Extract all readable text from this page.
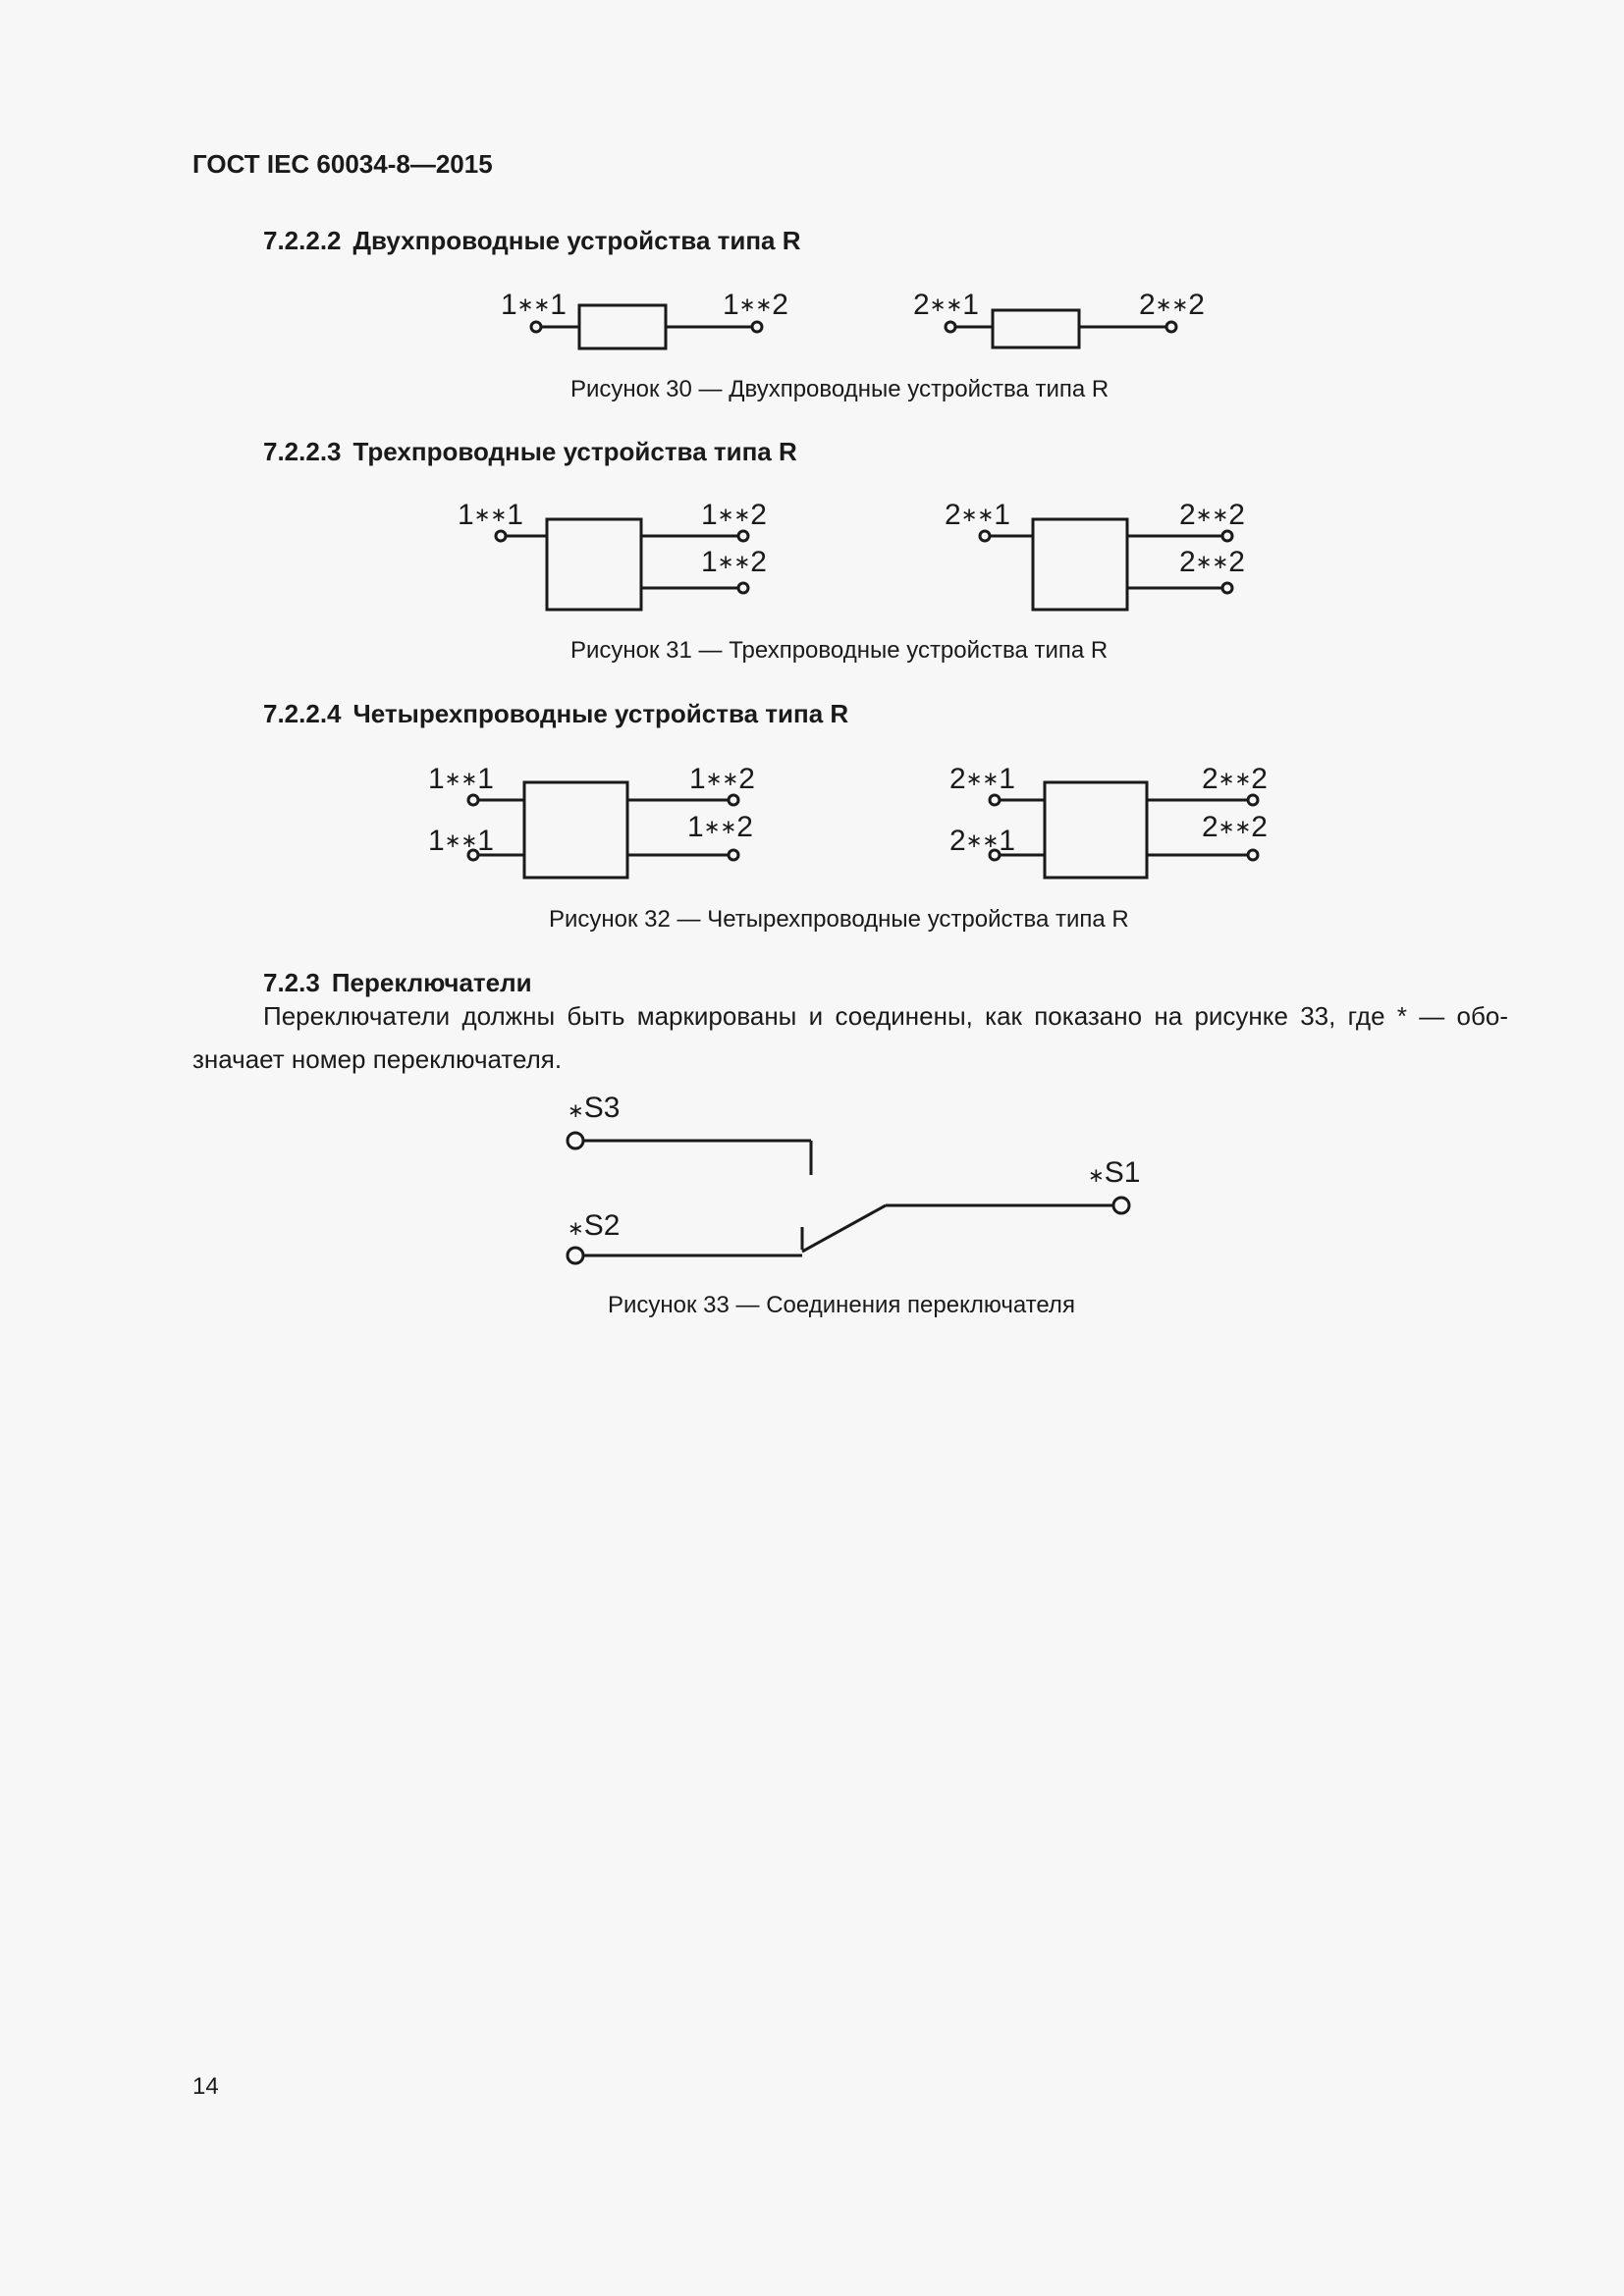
ГОСТ IEC 60034-8—2015
7.2.2.2 Двухпроводные устройства типа R
1∗∗1	1∗∗2	2∗∗1	2∗∗2
1∗∗1	1∗∗2
1∗∗2
2∗∗1	2∗∗2
2∗∗2
1∗∗1
1∗∗1
1∗∗2
1∗∗2
2∗∗1
2∗∗1
2∗∗2
2∗∗2
∗S3
∗S2
∗S1
Рисунок 30 — Двухпроводные устройства типа R
7.2.2.3 Трехпроводные устройства типа R
Рисунок 31 — Трехпроводные устройства типа R
7.2.2.4 Четырехпроводные устройства типа R
Рисунок 32 — Четырехпроводные устройства типа R
7.2.3 Переключатели

Переключатели должны быть маркированы и соединены, как показано на рисунке 33, где * — обо-

значает номер переключателя.

Рисунок 33 — Соединения переключателя
14
